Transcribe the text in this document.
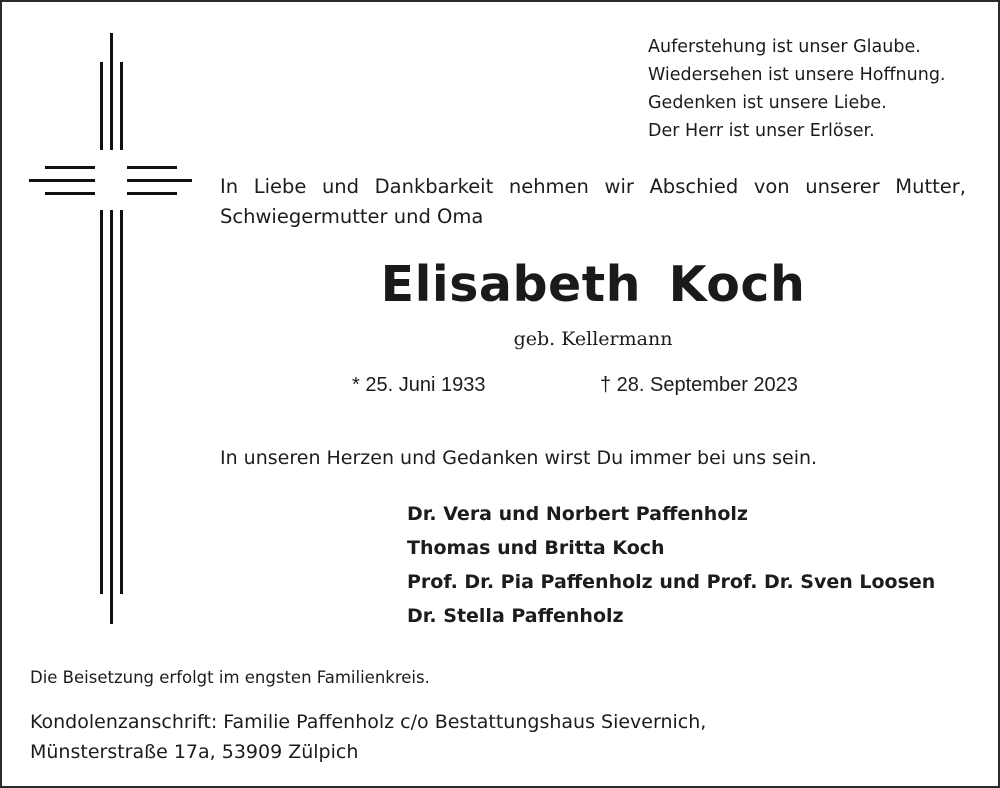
Auferstehung ist unser Glaube.
Wiedersehen ist unsere Hoffnung.
Gedenken ist unsere Liebe.
Der Herr ist unser Erlöser.
In Liebe und Dankbarkeit nehmen wir Abschied von unserer Mutter,
Schwiegermutter und Oma
Elisabeth Koch
geb. Kellermann
* 25. Juni 1933	† 28. September 2023
In unseren Herzen und Gedanken wirst Du immer bei uns sein.
Dr. Vera und Norbert Paffenholz
Thomas und Britta Koch
Prof. Dr. Pia Paffenholz und Prof. Dr. Sven Loosen
Dr. Stella Paffenholz
Die Beisetzung erfolgt im engsten Familienkreis.
Kondolenzanschrift: Familie Paffenholz c/o Bestattungshaus Sievernich,
Münsterstraße 17a, 53909 Zülpich
